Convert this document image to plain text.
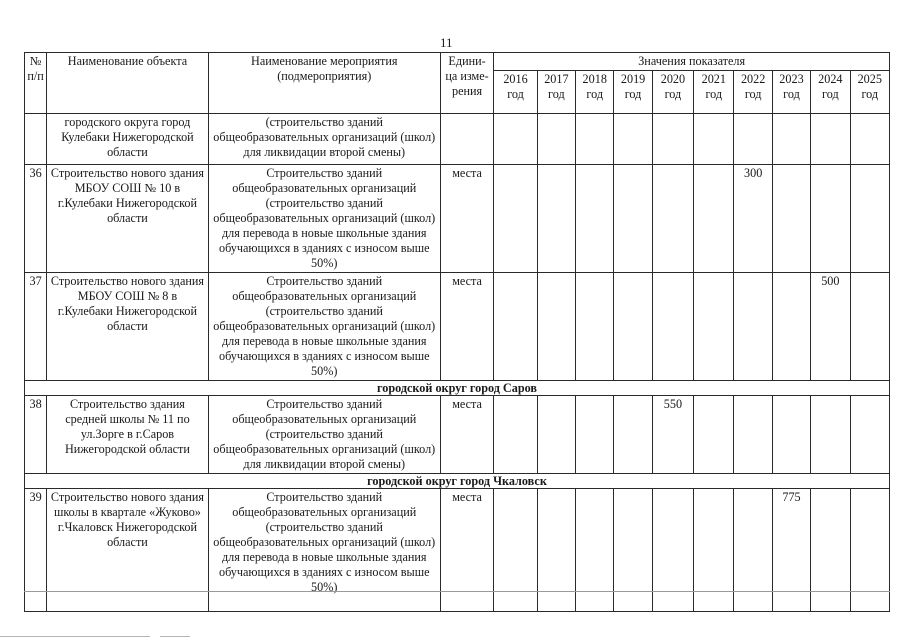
11
№ п/п	Наименование объекта	Наименование мероприятия (подмероприятия)	Едини-ца изме-рения	Значения показателя									
				2016 год	2017 год	2018 год	2019 год	2020 год	2021 год	2022 год	2023 год	2024 год	2025 год
	городского округа город Кулебаки Нижегородской области	(строительство зданий общеобразовательных организаций (школ) для ликвидации второй смены)											
36	Строительство нового здания МБОУ СОШ № 10 в г.Кулебаки Нижегородской области	Строительство зданий общеобразовательных организаций (строительство зданий общеобразовательных организаций (школ) для перевода в новые школьные здания обучающихся в зданиях с износом выше 50%)	места							300			
37	Строительство нового здания МБОУ СОШ № 8 в г.Кулебаки Нижегородской области	Строительство зданий общеобразовательных организаций (строительство зданий общеобразовательных организаций (школ) для перевода в новые школьные здания обучающихся в зданиях с износом выше 50%)	места									500	
городской округ город Саров													
38	Строительство здания средней школы № 11 по ул.Зорге в г.Саров Нижегородской области	Строительство зданий общеобразовательных организаций (строительство зданий общеобразовательных организаций (школ) для ликвидации второй смены)	места					550					
городской округ город Чкаловск													
39	Строительство нового здания школы в квартале «Жуково» г.Чкаловск Нижегородской области	Строительство зданий общеобразовательных организаций (строительство зданий общеобразовательных организаций (школ) для перевода в новые школьные здания обучающихся в зданиях с износом выше 50%)	места								775		
